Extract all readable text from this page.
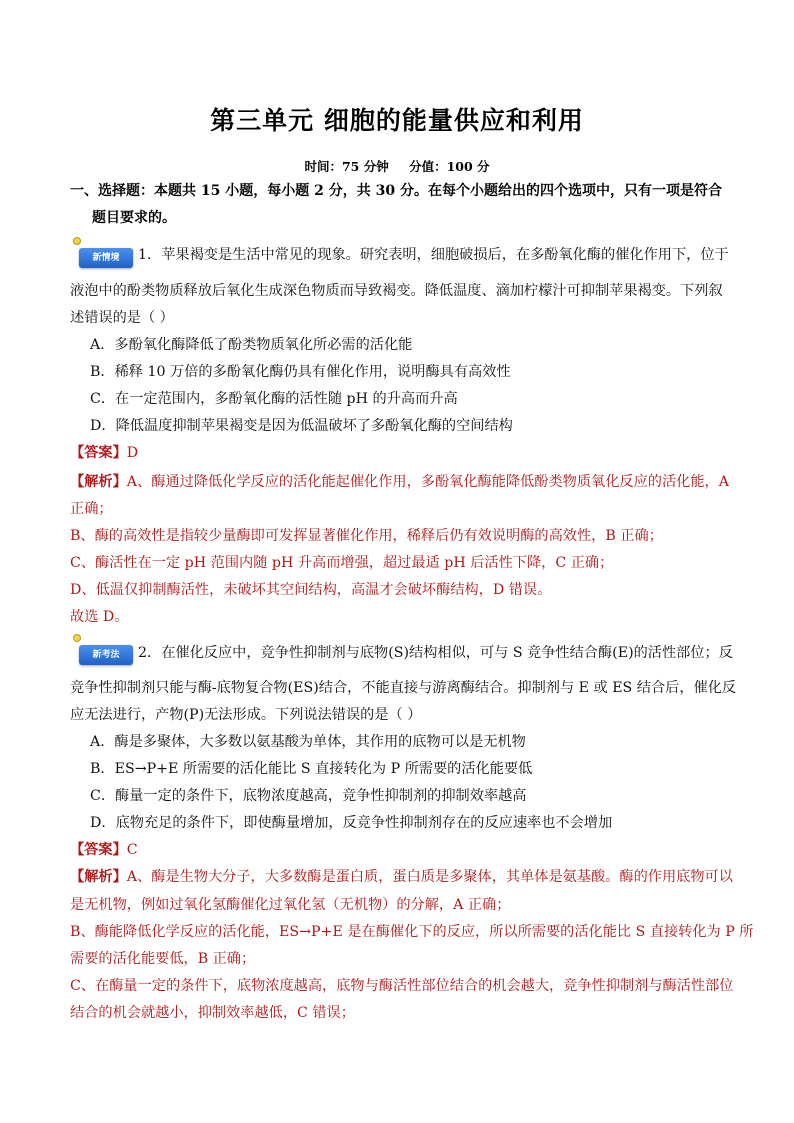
第三单元 细胞的能量供应和利用
时间：75 分钟 分值：100 分
一、选择题：本题共 15 小题，每小题 2 分，共 30 分。在每个小题给出的四个选项中，只有一项是符合
题目要求的。
新情境	1．苹果褐变是生活中常见的现象。研究表明，细胞破损后，在多酚氧化酶的催化作用下，位于
液泡中的酚类物质释放后氧化生成深色物质而导致褐变。降低温度、滴加柠檬汁可抑制苹果褐变。下列叙
述错误的是（ ）
A．多酚氧化酶降低了酚类物质氧化所必需的活化能
B．稀释 10 万倍的多酚氧化酶仍具有催化作用，说明酶具有高效性
C．在一定范围内，多酚氧化酶的活性随 pH 的升高而升高
D．降低温度抑制苹果褐变是因为低温破坏了多酚氧化酶的空间结构
【答案】D
【解析】A、酶通过降低化学反应的活化能起催化作用，多酚氧化酶能降低酚类物质氧化反应的活化能，A
正确；
B、酶的高效性是指较少量酶即可发挥显著催化作用，稀释后仍有效说明酶的高效性，B 正确；
C、酶活性在一定 pH 范围内随 pH 升高而增强，超过最适 pH 后活性下降，C 正确；
D、低温仅抑制酶活性，未破坏其空间结构，高温才会破坏酶结构，D 错误。
故选 D。
新考法	2．在催化反应中，竞争性抑制剂与底物(S)结构相似，可与 S 竞争性结合酶(E)的活性部位；反
竞争性抑制剂只能与酶-底物复合物(ES)结合，不能直接与游离酶结合。抑制剂与 E 或 ES 结合后，催化反
应无法进行，产物(P)无法形成。下列说法错误的是（ ）
A．酶是多聚体，大多数以氨基酸为单体，其作用的底物可以是无机物
B．ES→P+E 所需要的活化能比 S 直接转化为 P 所需要的活化能要低
C．酶量一定的条件下，底物浓度越高，竞争性抑制剂的抑制效率越高
D．底物充足的条件下，即使酶量增加，反竞争性抑制剂存在的反应速率也不会增加
【答案】C
【解析】A、酶是生物大分子，大多数酶是蛋白质，蛋白质是多聚体，其单体是氨基酸。酶的作用底物可以
是无机物，例如过氧化氢酶催化过氧化氢（无机物）的分解，A 正确；
B、酶能降低化学反应的活化能，ES→P+E 是在酶催化下的反应，所以所需要的活化能比 S 直接转化为 P 所
需要的活化能要低，B 正确；
C、在酶量一定的条件下，底物浓度越高，底物与酶活性部位结合的机会越大，竞争性抑制剂与酶活性部位
结合的机会就越小，抑制效率越低，C 错误；
